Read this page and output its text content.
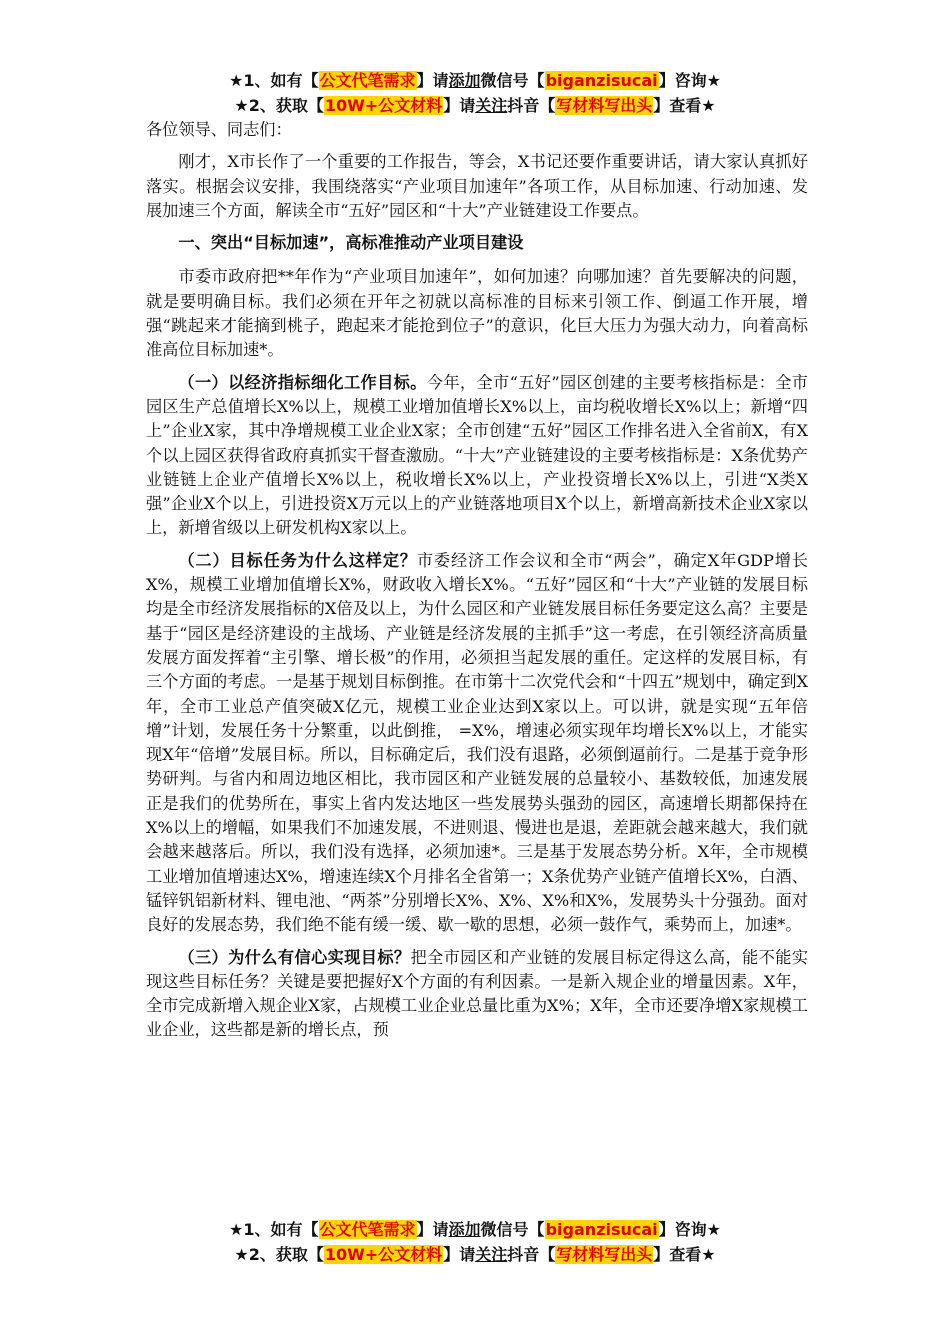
★1、如有【公文代笔需求】请添加微信号【biganzisucai】咨询★
★2、获取【10W+公文材料】请关注抖音【写材料写出头】查看★

各位领导、同志们：

刚才，X市长作了一个重要的工作报告，等会，X书记还要作重要讲话，请大家认真抓好落实。根据会议安排，我围绕落实“产业项目加速年”各项工作，从目标加速、行动加速、发展加速三个方面，解读全市“五好”园区和“十大”产业链建设工作要点。

一、突出“目标加速”，高标准推动产业项目建设

市委市政府把**年作为“产业项目加速年”，如何加速？向哪加速？首先要解决的问题，就是要明确目标。我们必须在开年之初就以高标准的目标来引领工作、倒逼工作开展，增强“跳起来才能摘到桃子，跑起来才能抢到位子”的意识，化巨大压力为强大动力，向着高标准高位目标加速*。

（一）以经济指标细化工作目标。今年，全市“五好”园区创建的主要考核指标是：全市园区生产总值增长X%以上，规模工业增加值增长X%以上，亩均税收增长X%以上；新增“四上”企业X家，其中净增规模工业企业X家；全市创建“五好”园区工作排名进入全省前X，有X个以上园区获得省政府真抓实干督查激励。“十大”产业链建设的主要考核指标是：X条优势产业链链上企业产值增长X%以上，税收增长X%以上，产业投资增长X%以上，引进“X类X强”企业X个以上，引进投资X万元以上的产业链落地项目X个以上，新增高新技术企业X家以上，新增省级以上研发机构X家以上。

（二）目标任务为什么这样定？市委经济工作会议和全市“两会”，确定X年GDP增长X%，规模工业增加值增长X%，财政收入增长X%。“五好”园区和“十大”产业链的发展目标均是全市经济发展指标的X倍及以上，为什么园区和产业链发展目标任务要定这么高？主要是基于“园区是经济建设的主战场、产业链是经济发展的主抓手”这一考虑，在引领经济高质量发展方面发挥着“主引擎、增长极”的作用，必须担当起发展的重任。定这样的发展目标，有三个方面的考虑。一是基于规划目标倒推。在市第十二次党代会和“十四五”规划中，确定到X年，全市工业总产值突破X亿元，规模工业企业达到X家以上。可以讲，就是实现“五年倍增”计划，发展任务十分繁重，以此倒推， =X%，增速必须实现年均增长X%以上，才能实现X年“倍增”发展目标。所以，目标确定后，我们没有退路，必须倒逼前行。二是基于竞争形势研判。与省内和周边地区相比，我市园区和产业链发展的总量较小、基数较低，加速发展正是我们的优势所在，事实上省内发达地区一些发展势头强劲的园区，高速增长期都保持在X%以上的增幅，如果我们不加速发展，不进则退、慢进也是退，差距就会越来越大，我们就会越来越落后。所以，我们没有选择，必须加速*。三是基于发展态势分析。X年，全市规模工业增加值增速达X%，增速连续X个月排名全省第一；X条优势产业链产值增长X%，白酒、锰锌钒铝新材料、锂电池、“两茶”分别增长X%、X%、X%和X%，发展势头十分强劲。面对良好的发展态势，我们绝不能有缓一缓、歇一歇的思想，必须一鼓作气，乘势而上，加速*。

（三）为什么有信心实现目标？把全市园区和产业链的发展目标定得这么高，能不能实现这些目标任务？关键是要把握好X个方面的有利因素。一是新入规企业的增量因素。X年，全市完成新增入规企业X家，占规模工业企业总量比重为X%；X年，全市还要净增X家规模工业企业，这些都是新的增长点，预

★1、如有【公文代笔需求】请添加微信号【biganzisucai】咨询★
★2、获取【10W+公文材料】请关注抖音【写材料写出头】查看★
